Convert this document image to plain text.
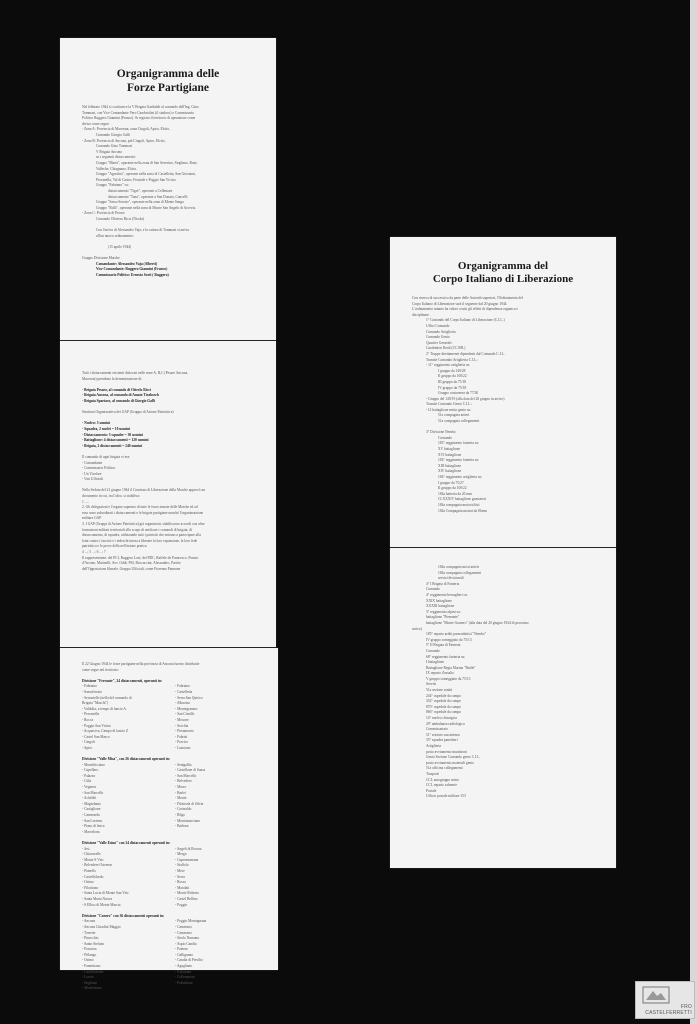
Organigramma delle
Forze Partigiane
Nel febbraio 1944 si costituisce la V Brigata Garibaldi al comando dell'Ing. Gino
Tommasi, con Vice Comandante Vero Candotolini (il sindaco) e Commissario
Politico Ruggero Giannini (Franco). Si registra il territorio di operazione come
diviso come segue:
- Zona A: Provincia di Macerata, zona Cingoli, Apiro, Elcito,
Comando Giorgio Galli
- Zona B: Provincia di Ancona, più Cingoli, Apiro, Elcito,
Comando Gino Tommasi
V Brigata Ancona
su i seguenti distaccamenti:
Gruppo "Maria", operante nella zona di San Severino, Sirgliano, Roni,
Valleche, Chiagnano, Elcito.
Gruppo "Agostino", operante nella zona di Castelletta, San Giovanni,
Percanella, Val di Castro, Frontale e Poggio San Vicino.
Gruppo "Fabriano" su:
distaccamento "Tigre", operante a Cellemare
distaccamento "Tana", operante a San Donato, Cancelli
Gruppo "Sasso Serrato", operante nella zona di Monte Sanga
Gruppo "Rolli", operante nella zona di Monte San Angelo di Arcevia.
- Zona C: Provincia di Pesaro
Comando Oliviero Ricci (Nicola)
Con l'arrivo di Alessandro Vaja, e la cattura di Tommasi si arriva
all'un nuovo ordinamento:
(15 aprile 1944)
Gruppo Divisione Marche
Comandante: Alessandro Vaja (Alberti)
Vice Comandante: Ruggero Giannini (Franco)
Commissario Politico: Ernesto Sorti ( Ruggero)
Tutti i distaccamenti esistenti dislocati nelle zone A, B,C (Pesaro Ancona,
Macerata) prendono la denominazione di:
- Brigata Pesaro, al comando di Otteclo Ricci
- Brigata Ancona, al comando di Amato Tirabosch
- Brigata Spartaco, al comando di Giorgio Galli
Struttura Organizzativa dei GAP (Gruppo di Azione Patriottica)
- Nucleo: 5 uomini
- Squadra, 2 nuclei = 10 uomini
- Distaccamento: 3 squadre = 30 uomini
- Battaglione: 4 distaccamenti = 120 uomini
- Brigata, 2 distaccamenti = 240 uomini
Il comando di ogni brigata vi era:
- Comandante
- Commissario Politico
- Un Vicolare
- Vari Ufficiali
Nella Seduta del 21 giugno 1944 il Comitato di Liberazione della Marche approvò un
documento in cui, tra l'altro, si stabiliva:
1. ....
2. Gli delegazioni e l'organo supremo di tutte le forze armate delle Marche ed ad
esso sono subordinati i distaccamenti e le brigate partigiane nonché l'organizzazione
militare GAP.
3. I GAP (Gruppi di Azione Patriottica) già organizzati, stabiliscono accordi con altre
formazioni militari territoriali allo scopo di unificare i comandi di brigata, di
distaccamento, di squadra, utilizzando tutti i patriotti che entrano a partecipare alla
lotta contro i fascisti e i tedeschi intesa a liberare la loro espansione, la loro fede
patriottica e le prove della nell'azione pratica.
4 ...; 5 ...; 6 ...; 7
Il rappresentante: del PCI, Ruggero Losi; del PDC, Raffele de Francesco, Ponzio
d'Arcone, Marinelli; Avv. Oddi; PSI, Boccaccini; Alessandro, Partito
dell'Opposizione liberale, Gruppo Ufficiali, come Fiorenzo Pannone
Il 22 Giugno 1944 le forze partigiane nella provincia di Ancona furono distribuite
come segue nel territorio:
Divisione "Ferrante", 24 distaccamenti, operanti in:
- Fabriano
- Sassoferrato
- Serrastello (nella del comando di
Brigata "Maschi")
- Valdolia, a tempo di lancio A.
- Percanella
- Rocca
- Poggio San Vicino
- Acquaviva, Campo di lancio Z
- Castel San Marco
- Cingoli
- Apiro
- Fabriano
- Castelletta
- Serra San Quirico
- Albacina
- Montegranaro
- San Cimillo
- Mosone
- Secchia
- Pierantonio
- Fabrizi
- Porcico
- Lanciano
Divisione "Valle Misa", con 26 distaccamenti operanti in:
- Montelicciano
- Cupellaro
- Palazzo
- Cilla
- Vegnera
- San Marcello
- Acheldii
- Magisdanio
- Castiglione
- Camerardo
- San Lorenzo
- Piano di lenca
- Marcelona
- Senigallia
- Castellone di Suasa
- San Marcello
- Belvedere
- Morro
- Barlet
- Monte
- Filattrola di Silvia
- Corinaldo
- Rilgo
- Montomarciano
- Barbara
Divisione "Valle Esino" con 34 distaccamenti operanti in:
- Jesi
- Chiaravalle
- Monte S Vito
- Belvedere Ostrense
- Pianello
- Castelfidardo
- Osimo
- Filottrano
- Santa Lucia di Monte San Vito
- Santa Maria Nuova
- S Elliso di Monte Marcia
- Angeli di Rosora
- Mergo
- Cupramontana
- Staffolo
- Moie
- Serra
- Rossa
- Maiolati
- Monte Roberto
- Castel Bellino
- Poggio
Divisione "Conero" con 36 distaccamenti operanti in:
- Ancona
- Ancona Cittadini Maggio
- Torrette
- Pinocchio
- Santo Stefano
- Posatora
- Piflango
- Osimo
- Fameritano
- Castelfidardo
- Loreto
- Sirgliano
- Mordoleano
- Poggio Montagnana
- Camerano
- Camerano
- Sirolo Numana
- Aspio Candia
- Paterno
- Gallignano
- Candia di Presilio
- Agugliano
- Falconara
- Collemarino
- Palombina
Organigramma del
Corpo Italiano di Liberazione
Con riserva di successivo da parte delle Autorità superiori, l'Ordinamento del
Corpo Italiano di Liberazione sarà il seguente dal 20 giugno 1944.
L'ordinamento intanto ha valore a tutti gli effetti di dipendenza organica e
disciplinare.
1° Comando del Corpo Italiano di Liberazione (C.I.L.)
Uffici Comando
Comando Artiglieria
Comando Genio
Quartier Generale
Carabinieri Reali (CC.RR.)
2° Truppe direttamente dipendenti dal Comando C.I.L.
Tramite Comando Artiglieria C.I.L.:
- 11° reggimento artiglieria su:
I gruppo da 149/28
II gruppo da 100/22
III gruppo da 75/18
IV gruppo da 75/18
Gruppo contraerea da 77/30
- Gruppo del 149/19 (alla data del 20 giugno in arrivo)
Tramite Comando Genio C.I.L.:
- LI battaglione misto genio su:
51a compagnia artieri
51a compagnia collegamenti
3° Divisione Nembo
Comando
183° reggimento fanteria su:
XV battaglione
XVI battaglione
184° reggimento fanteria su:
XIII battaglione
XIV battaglione
184° reggimento artiglieria su:
I gruppo da 75/27
II gruppo da 100/22
184a batteria da 20 mm
CLXXXIV battaglione guastatori
184a compagnia motociclisti
184a Compagnia mortai da 81mm
184a compagnia misti artieri
184a compagnia collegamenti
servizi divisionali
4° I Brigata di Fanteria
Comando
4° reggimento bersaglieri su:
XXIX battaglione
XXXIII battaglione
3° reggimento alpini su:
battaglione "Piemonte"
battaglione "Monte Granero" (alla data del 20 giugno 1944 di prossimo
arrivo)
185° reparto arditi paracadutisti "Nembo"
IV gruppo someggiato da 75/13
5° II Brigata di Fanteria
Comando
68° reggimento fanteria su:
I battaglione
Battaglione Regia Marina "Bafile"
IX reparto d'assalto
V gruppo someggiato da 75/13
Servizi
51a sezione sanità
244° ospedale da campo
332° ospedale da campo
870° ospedale da campo
866° ospedale da campo
14° nucleo chirurgico
29° ambulanza radiologica
Commissariato
51° sezione sussistenza
35° squadra panettieri
Artiglieria
posto avviamento munizioni
Genio Sezione Comando genio C.I.L.
posto avviamento materiali genio
51a officina collegamenti
Trasporti
CCL autogruppo misto
CCL reparto salmerie
Postale
Ufficio postale militare 153
FRO CASTELFERRETTI
